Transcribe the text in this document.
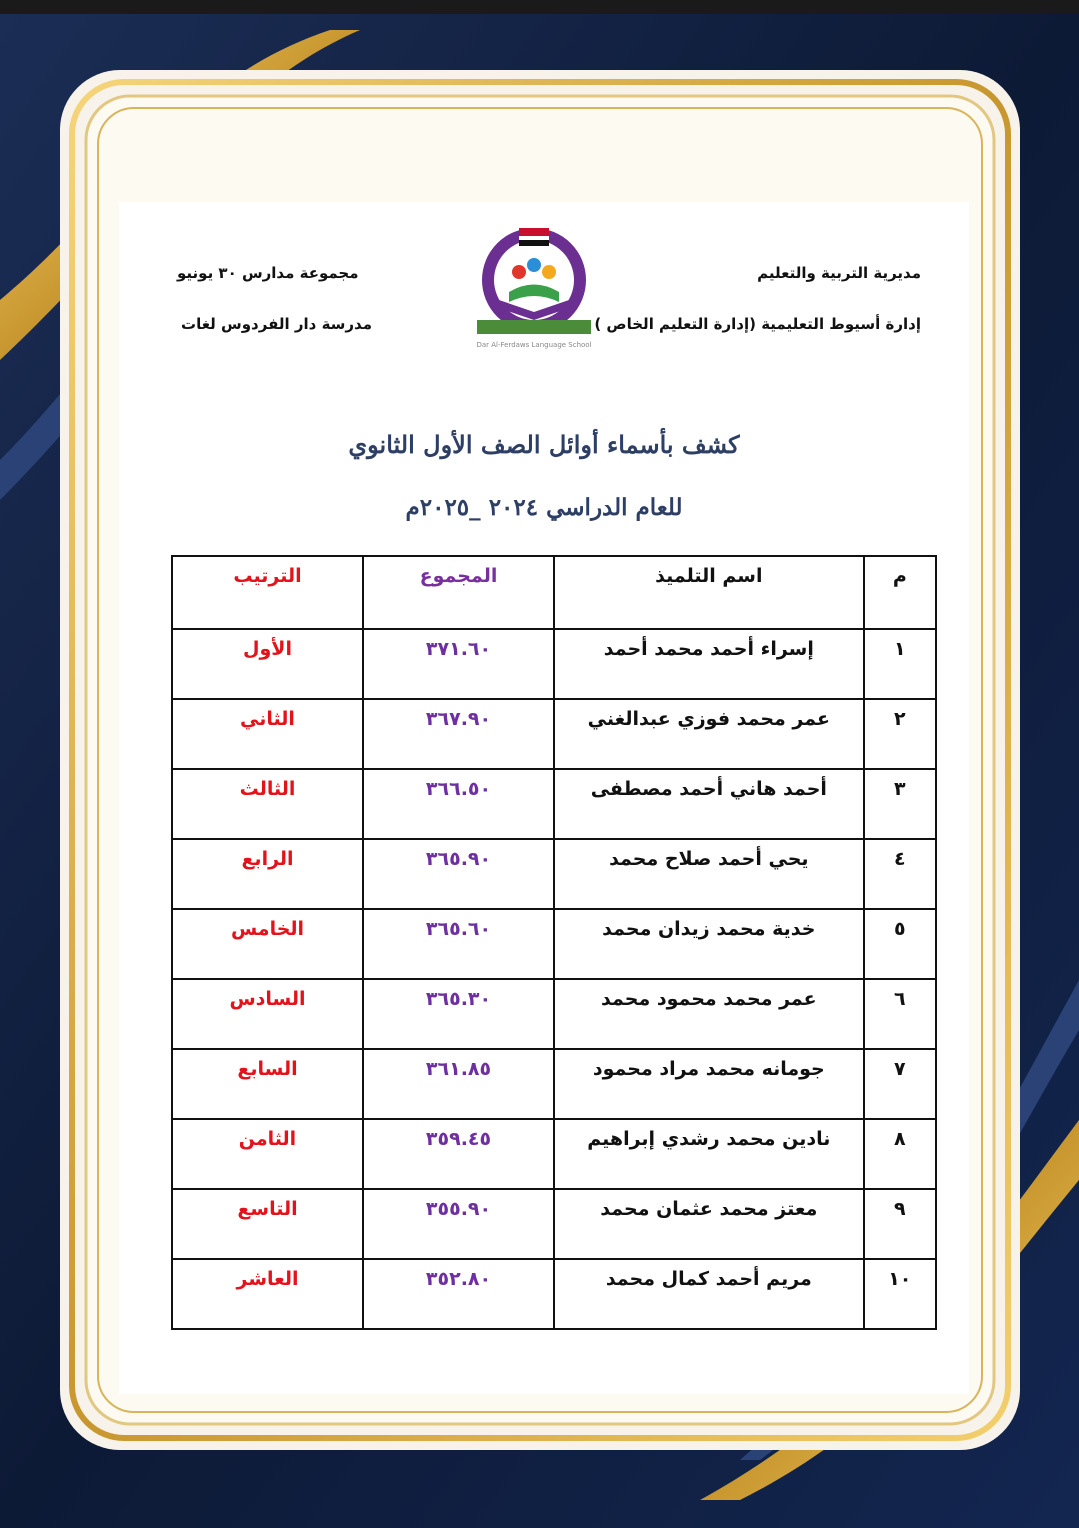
مديرية التربية والتعليم
إدارة أسيوط التعليمية (إدارة التعليم الخاص )
مجموعة مدارس ٣٠ يونيو
مدرسة دار الفردوس لغات
Dar Al-Ferdaws Language School
كشف بأسماء أوائل الصف الأول الثانوي
للعام الدراسي ٢٠٢٤ _٢٠٢٥م
م	اسم التلميذ	المجموع	الترتيب
١	إسراء أحمد محمد أحمد	٣٧١.٦٠	الأول
٢	عمر محمد فوزي عبدالغني	٣٦٧.٩٠	الثاني
٣	أحمد هاني أحمد مصطفى	٣٦٦.٥٠	الثالث
٤	يحي أحمد صلاح محمد	٣٦٥.٩٠	الرابع
٥	خدية محمد زيدان محمد	٣٦٥.٦٠	الخامس
٦	عمر محمد محمود محمد	٣٦٥.٣٠	السادس
٧	جومانه محمد مراد محمود	٣٦١.٨٥	السابع
٨	نادين محمد رشدي إبراهيم	٣٥٩.٤٥	الثامن
٩	معتز محمد عثمان محمد	٣٥٥.٩٠	التاسع
١٠	مريم أحمد كمال محمد	٣٥٢.٨٠	العاشر
